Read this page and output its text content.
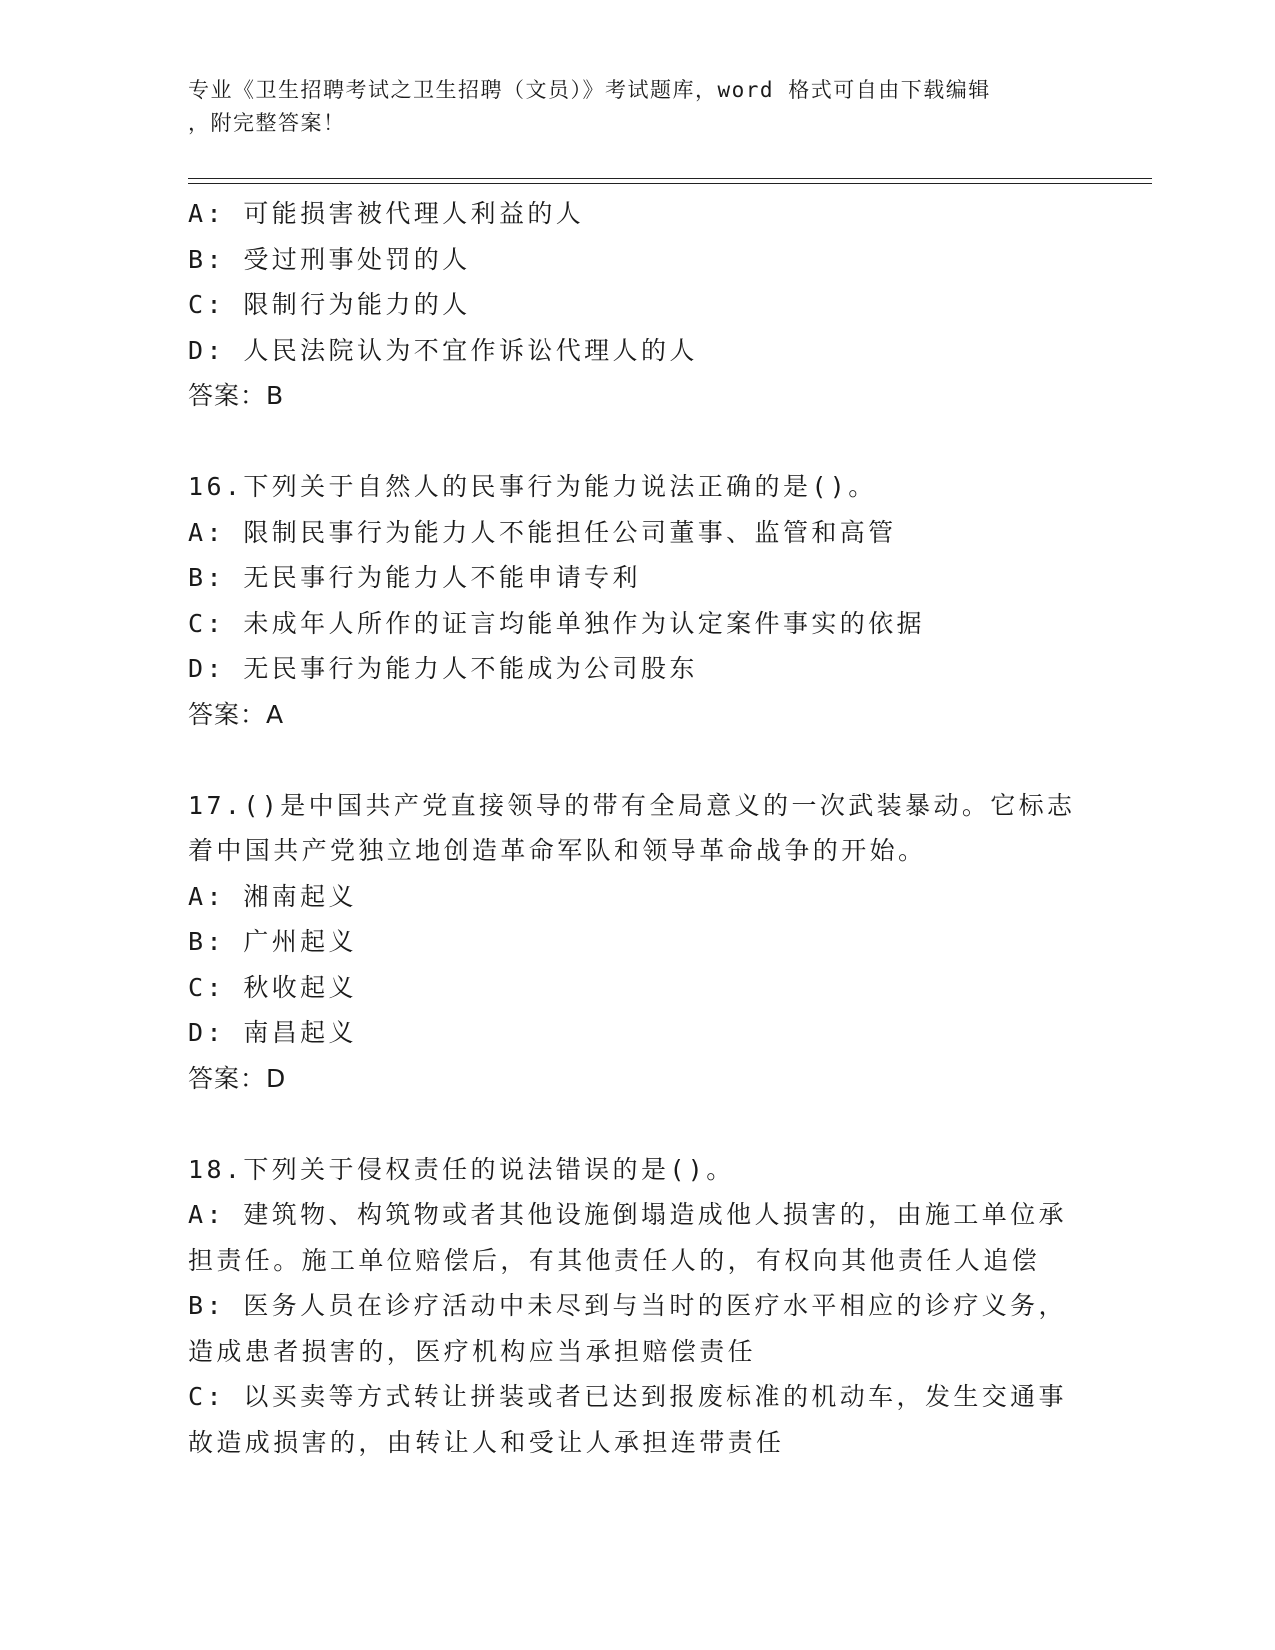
专业《卫生招聘考试之卫生招聘（文员）》考试题库，word 格式可自由下载编辑
，附完整答案！
A: 可能损害被代理人利益的人
B: 受过刑事处罚的人
C: 限制行为能力的人
D: 人民法院认为不宜作诉讼代理人的人
答案：B
16.下列关于自然人的民事行为能力说法正确的是()。
A: 限制民事行为能力人不能担任公司董事、监管和高管
B: 无民事行为能力人不能申请专利
C: 未成年人所作的证言均能单独作为认定案件事实的依据
D: 无民事行为能力人不能成为公司股东
答案：A
17.()是中国共产党直接领导的带有全局意义的一次武装暴动。它标志
着中国共产党独立地创造革命军队和领导革命战争的开始。
A: 湘南起义
B: 广州起义
C: 秋收起义
D: 南昌起义
答案：D
18.下列关于侵权责任的说法错误的是()。
A: 建筑物、构筑物或者其他设施倒塌造成他人损害的，由施工单位承
担责任。施工单位赔偿后，有其他责任人的，有权向其他责任人追偿
B: 医务人员在诊疗活动中未尽到与当时的医疗水平相应的诊疗义务，
造成患者损害的，医疗机构应当承担赔偿责任
C: 以买卖等方式转让拼装或者已达到报废标准的机动车，发生交通事
故造成损害的，由转让人和受让人承担连带责任
